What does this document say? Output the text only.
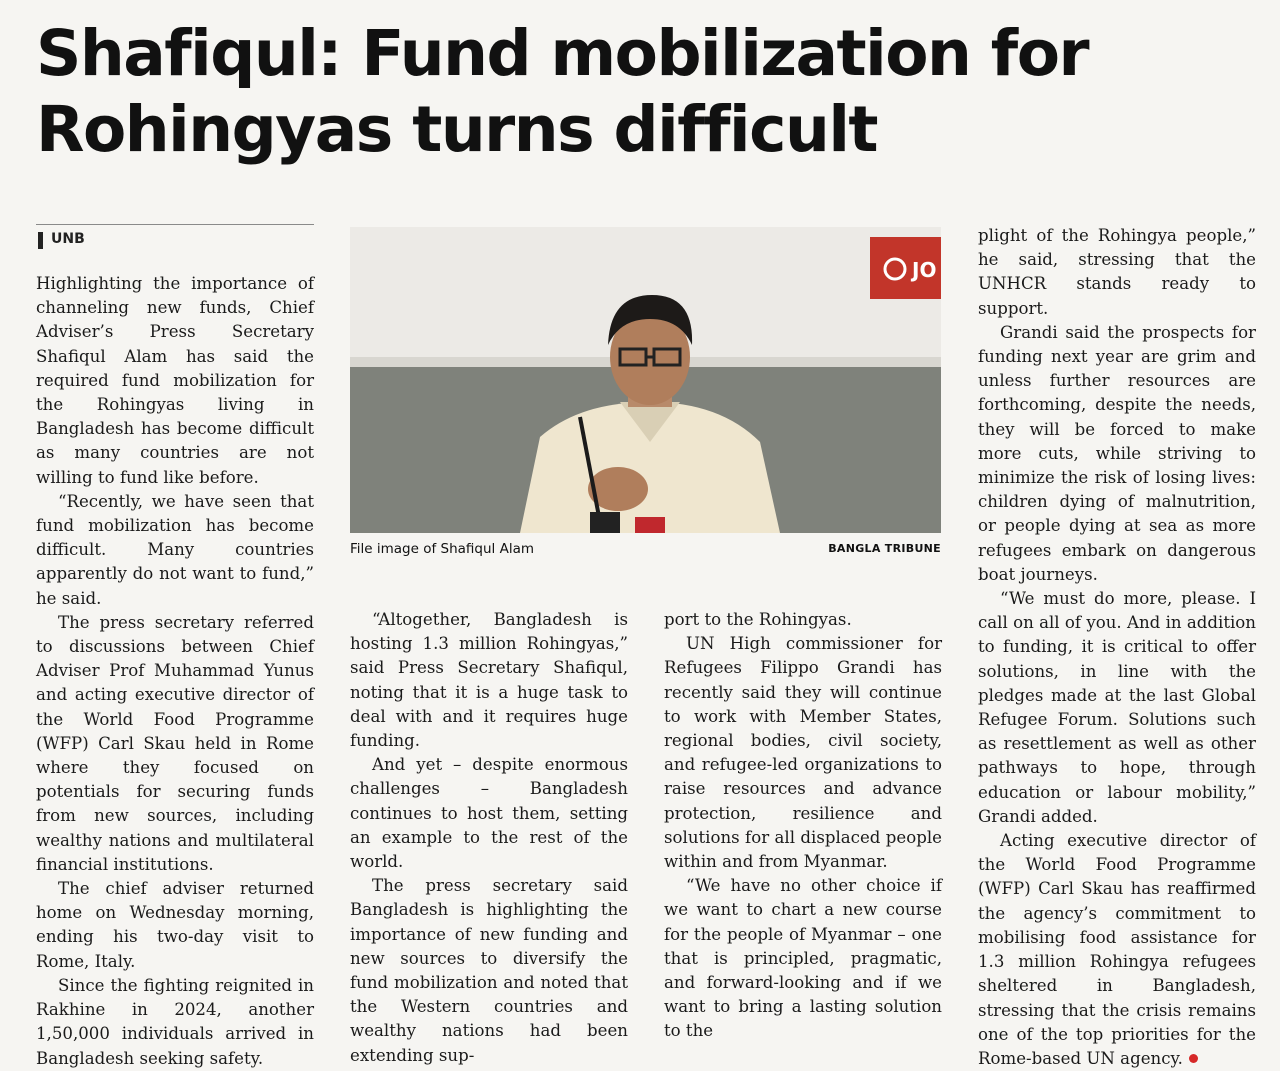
Shafiqul: Fund mobilization for Rohingyas turns difficult
UNB

Highlighting the importance of channeling new funds, Chief Adviser’s Press Secretary Shafiqul Alam has said the required fund mobilization for the Rohingyas living in Bangladesh has become difficult as many countries are not willing to fund like before.

“Recently, we have seen that fund mobilization has become difficult. Many countries apparently do not want to fund,” he said.

The press secretary referred to discussions between Chief Adviser Prof Muhammad Yunus and acting executive director of the World Food Programme (WFP) Carl Skau held in Rome where they focused on potentials for securing funds from new sources, including wealthy nations and multilateral financial institutions.

The chief adviser returned home on Wednesday morning, ending his two-day visit to Rome, Italy.

Since the fighting reignited in Rakhine in 2024, another 1,50,000 individuals arrived in Bangladesh seeking safety.

JO
File image of Shafiqul Alam	BANGLA TRIBUNE

“Altogether, Bangladesh is hosting 1.3 million Rohingyas,” said Press Secretary Shafiqul, noting that it is a huge task to deal with and it requires huge funding.

And yet – despite enormous challenges – Bangladesh continues to host them, setting an example to the rest of the world.

The press secretary said Bangladesh is highlighting the importance of new funding and new sources to diversify the fund mobilization and noted that the Western countries and wealthy nations had been extending sup-

port to the Rohingyas.

UN High commissioner for Refugees Filippo Grandi has recently said they will continue to work with Member States, regional bodies, civil society, and refugee-led organizations to raise resources and advance protection, resilience and solutions for all displaced people within and from Myanmar.

“We have no other choice if we want to chart a new course for the people of Myanmar – one that is principled, pragmatic, and forward-looking and if we want to bring a lasting solution to the

plight of the Rohingya people,” he said, stressing that the UNHCR stands ready to support.

Grandi said the prospects for funding next year are grim and unless further resources are forthcoming, despite the needs, they will be forced to make more cuts, while striving to minimize the risk of losing lives: children dying of malnutrition, or people dying at sea as more refugees embark on dangerous boat journeys.

“We must do more, please. I call on all of you. And in addition to funding, it is critical to offer solutions, in line with the pledges made at the last Global Refugee Forum. Solutions such as resettlement as well as other pathways to hope, through education or labour mobility,” Grandi added.

Acting executive director of the World Food Programme (WFP) Carl Skau has reaffirmed the agency’s commitment to mobilising food assistance for 1.3 million Rohingya refugees sheltered in Bangladesh, stressing that the crisis remains one of the top priorities for the Rome-based UN agency.
